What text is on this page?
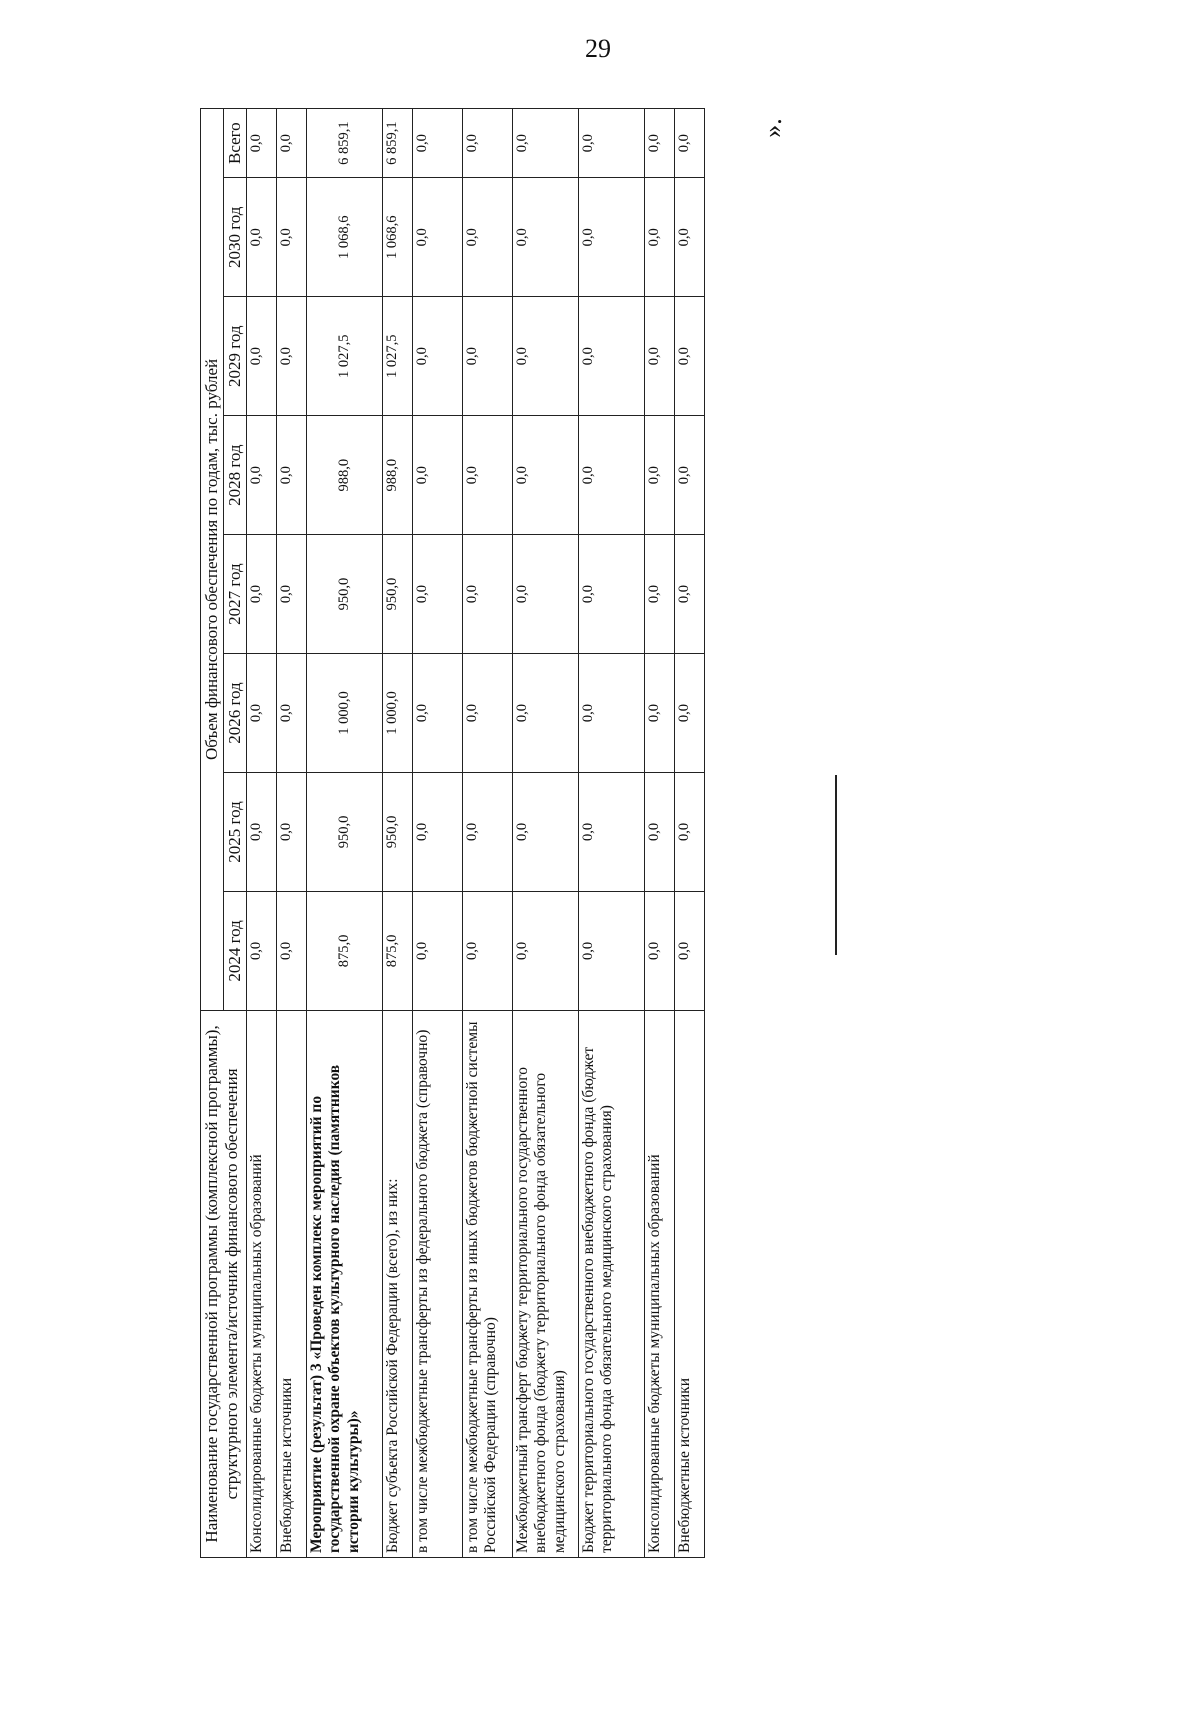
29
».
Наименование государственной программы (комплексной программы), структурного элемента/источник финансового обеспечения	Объем финансового обеспечения по годам, тыс. рублей							
	2024 год	2025 год	2026 год	2027 год	2028 год	2029 год	2030 год	Всего
Консолидированные бюджеты муниципальных образований	0,0	0,0	0,0	0,0	0,0	0,0	0,0	0,0
Внебюджетные источники	0,0	0,0	0,0	0,0	0,0	0,0	0,0	0,0
Мероприятие (результат) 3 «Проведен комплекс мероприятий по государственной охране объектов культурного наследия (памятников истории культуры)»	875,0	950,0	1 000,0	950,0	988,0	1 027,5	1 068,6	6 859,1
Бюджет субъекта Российской Федерации (всего), из них:	875,0	950,0	1 000,0	950,0	988,0	1 027,5	1 068,6	6 859,1
в том числе межбюджетные трансферты из федерального бюджета (справочно)	0,0	0,0	0,0	0,0	0,0	0,0	0,0	0,0
в том числе межбюджетные трансферты из иных бюджетов бюджетной системы Российской Федерации (справочно)	0,0	0,0	0,0	0,0	0,0	0,0	0,0	0,0
Межбюджетный трансферт бюджету территориального государственного внебюджетного фонда (бюджету территориального фонда обязательного медицинского страхования)	0,0	0,0	0,0	0,0	0,0	0,0	0,0	0,0
Бюджет территориального государственного внебюджетного фонда (бюджет территориального фонда обязательного медицинского страхования)	0,0	0,0	0,0	0,0	0,0	0,0	0,0	0,0
Консолидированные бюджеты муниципальных образований	0,0	0,0	0,0	0,0	0,0	0,0	0,0	0,0
Внебюджетные источники	0,0	0,0	0,0	0,0	0,0	0,0	0,0	0,0
